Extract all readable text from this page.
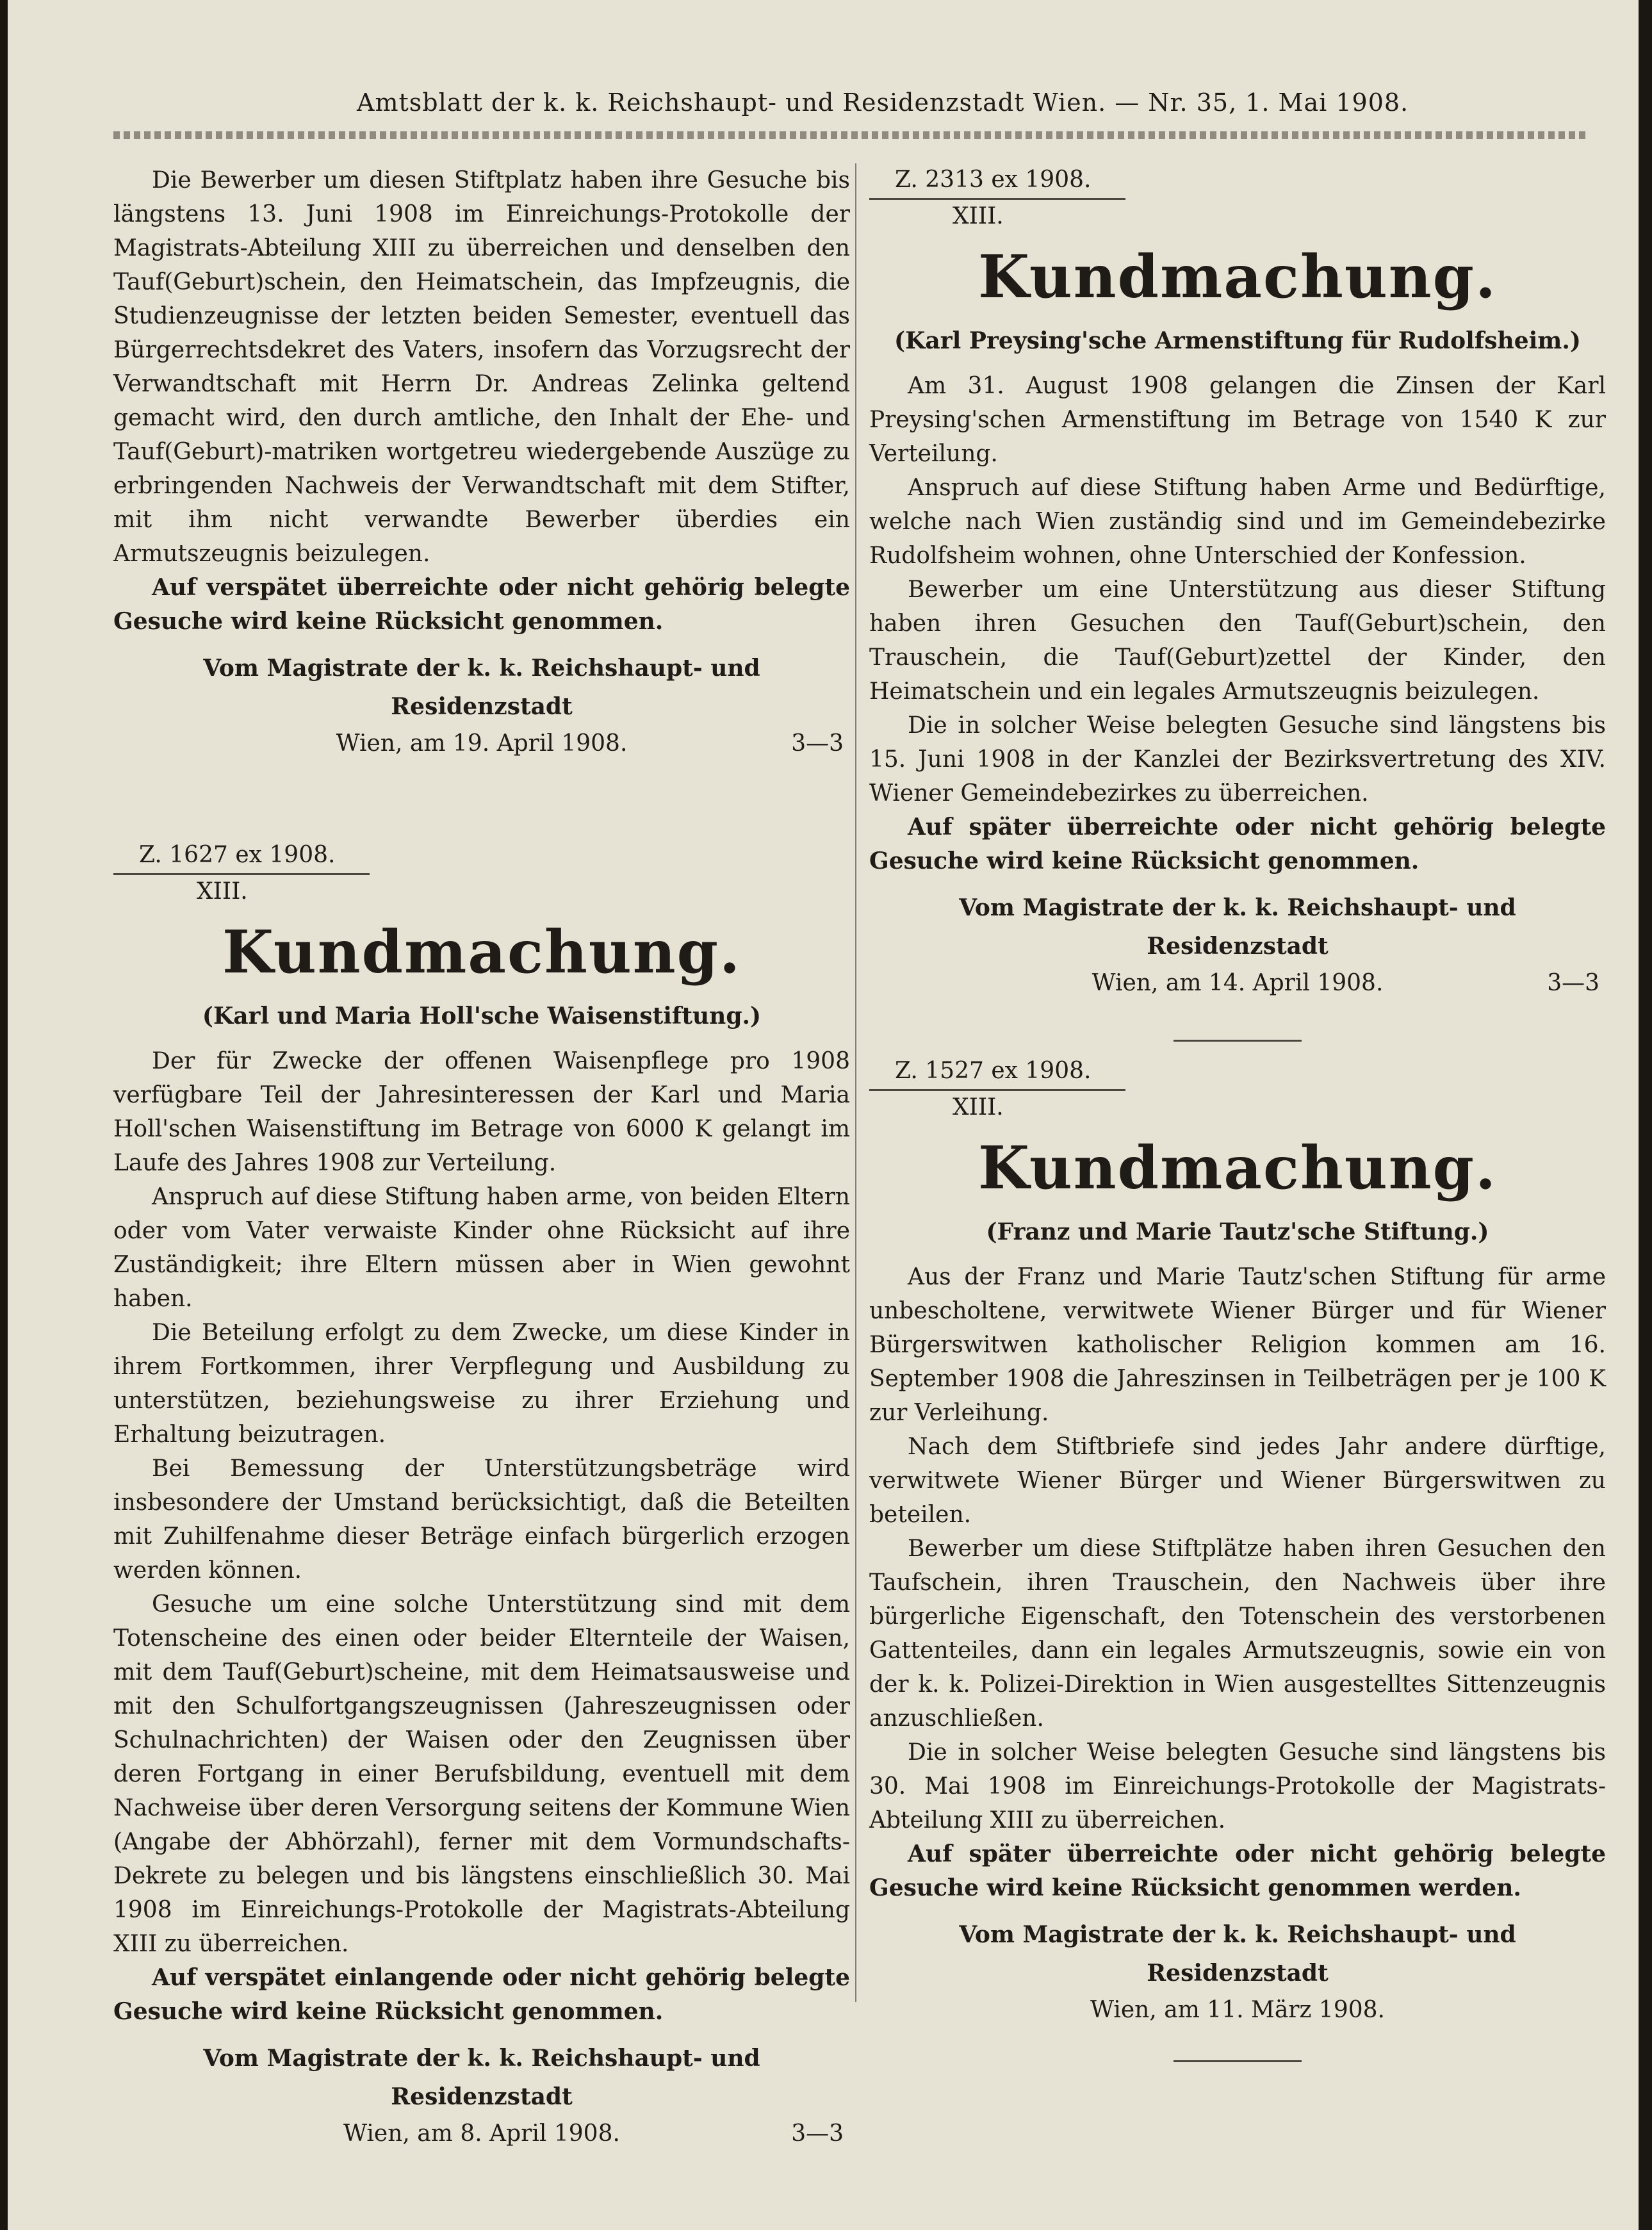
Amtsblatt der k. k. Reichshaupt- und Residenzstadt Wien. — Nr. 35, 1. Mai 1908.

Die Bewerber um diesen Stiftplatz haben ihre Gesuche bis längstens 13. Juni 1908 im Einreichungs-Protokolle der Magistrats-Abteilung XIII zu überreichen und denselben den Tauf(Geburt)schein, den Heimatschein, das Impfzeugnis, die Studienzeugnisse der letzten beiden Semester, eventuell das Bürgerrechtsdekret des Vaters, insofern das Vorzugsrecht der Verwandtschaft mit Herrn Dr. Andreas Zelinka geltend gemacht wird, den durch amtliche, den Inhalt der Ehe- und Tauf(Geburt)-matriken wortgetreu wiedergebende Auszüge zu erbringenden Nachweis der Verwandtschaft mit dem Stifter, mit ihm nicht verwandte Bewerber überdies ein Armutszeugnis beizulegen.

Auf verspätet überreichte oder nicht gehörig belegte Gesuche wird keine Rücksicht genommen.

Vom Magistrate der k. k. Reichshaupt- und Residenzstadt
Wien, am 19. April 1908.	3—3
Z. 1627 ex 1908.
XIII.
Kundmachung.
(Karl und Maria Holl'sche Waisenstiftung.)

Der für Zwecke der offenen Waisenpflege pro 1908 verfügbare Teil der Jahresinteressen der Karl und Maria Holl'schen Waisenstiftung im Betrage von 6000 K gelangt im Laufe des Jahres 1908 zur Verteilung.

Anspruch auf diese Stiftung haben arme, von beiden Eltern oder vom Vater verwaiste Kinder ohne Rücksicht auf ihre Zuständigkeit; ihre Eltern müssen aber in Wien gewohnt haben.

Die Beteilung erfolgt zu dem Zwecke, um diese Kinder in ihrem Fortkommen, ihrer Verpflegung und Ausbildung zu unterstützen, beziehungsweise zu ihrer Erziehung und Erhaltung beizutragen.

Bei Bemessung der Unterstützungsbeträge wird insbesondere der Umstand berücksichtigt, daß die Beteilten mit Zuhilfenahme dieser Beträge einfach bürgerlich erzogen werden können.

Gesuche um eine solche Unterstützung sind mit dem Totenscheine des einen oder beider Elternteile der Waisen, mit dem Tauf(Geburt)scheine, mit dem Heimatsausweise und mit den Schulfortgangszeugnissen (Jahreszeugnissen oder Schulnachrichten) der Waisen oder den Zeugnissen über deren Fortgang in einer Berufsbildung, eventuell mit dem Nachweise über deren Versorgung seitens der Kommune Wien (Angabe der Abhörzahl), ferner mit dem Vormundschafts-Dekrete zu belegen und bis längstens einschließlich 30. Mai 1908 im Einreichungs-Protokolle der Magistrats-Abteilung XIII zu überreichen.

Auf verspätet einlangende oder nicht gehörig belegte Gesuche wird keine Rücksicht genommen.

Vom Magistrate der k. k. Reichshaupt- und Residenzstadt
Wien, am 8. April 1908.	3—3
Z. 2313 ex 1908.
XIII.
Kundmachung.
(Karl Preysing'sche Armenstiftung für Rudolfsheim.)

Am 31. August 1908 gelangen die Zinsen der Karl Preysing'schen Armenstiftung im Betrage von 1540 K zur Verteilung.

Anspruch auf diese Stiftung haben Arme und Bedürftige, welche nach Wien zuständig sind und im Gemeindebezirke Rudolfsheim wohnen, ohne Unterschied der Konfession.

Bewerber um eine Unterstützung aus dieser Stiftung haben ihren Gesuchen den Tauf(Geburt)schein, den Trauschein, die Tauf(Geburt)zettel der Kinder, den Heimatschein und ein legales Armutszeugnis beizulegen.

Die in solcher Weise belegten Gesuche sind längstens bis 15. Juni 1908 in der Kanzlei der Bezirksvertretung des XIV. Wiener Gemeindebezirkes zu überreichen.

Auf später überreichte oder nicht gehörig belegte Gesuche wird keine Rücksicht genommen.

Vom Magistrate der k. k. Reichshaupt- und Residenzstadt
Wien, am 14. April 1908.	3—3
Z. 1527 ex 1908.
XIII.
Kundmachung.
(Franz und Marie Tautz'sche Stiftung.)

Aus der Franz und Marie Tautz'schen Stiftung für arme unbescholtene, verwitwete Wiener Bürger und für Wiener Bürgerswitwen katholischer Religion kommen am 16. September 1908 die Jahreszinsen in Teilbeträgen per je 100 K zur Verleihung.

Nach dem Stiftbriefe sind jedes Jahr andere dürftige, verwitwete Wiener Bürger und Wiener Bürgerswitwen zu beteilen.

Bewerber um diese Stiftplätze haben ihren Gesuchen den Taufschein, ihren Trauschein, den Nachweis über ihre bürgerliche Eigenschaft, den Totenschein des verstorbenen Gattenteiles, dann ein legales Armutszeugnis, sowie ein von der k. k. Polizei-Direktion in Wien ausgestelltes Sittenzeugnis anzuschließen.

Die in solcher Weise belegten Gesuche sind längstens bis 30. Mai 1908 im Einreichungs-Protokolle der Magistrats-Abteilung XIII zu überreichen.

Auf später überreichte oder nicht gehörig belegte Gesuche wird keine Rücksicht genommen werden.

Vom Magistrate der k. k. Reichshaupt- und Residenzstadt
Wien, am 11. März 1908.
